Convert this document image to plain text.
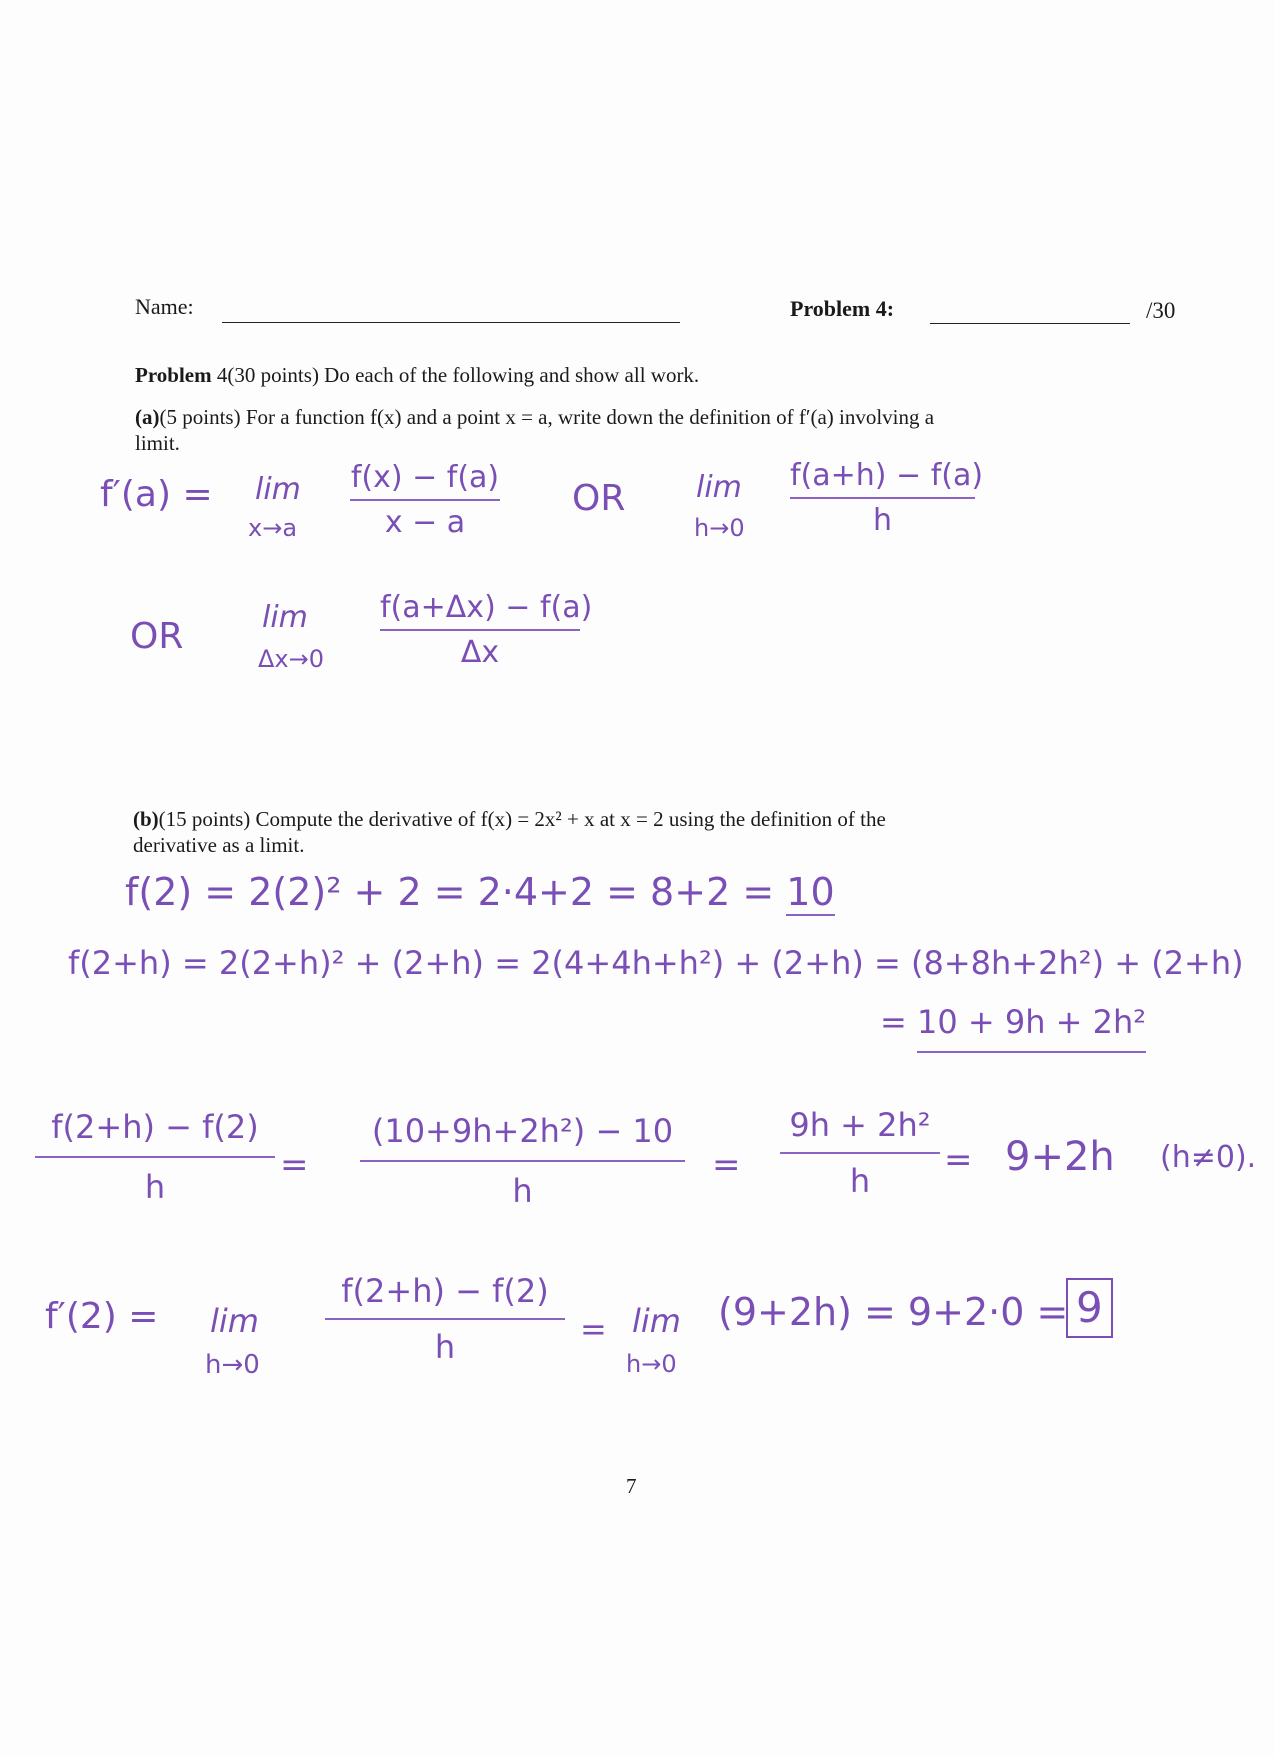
Name:	Problem 4:	/30
Problem 4(30 points) Do each of the following and show all work.
(a)(5 points) For a function f(x) and a point x = a, write down the definition of f′(a) involving a
limit.
f′(a) = lim
x→a
f(x) − f(a)
x − a
OR lim
h→0
f(a+h) − f(a)
h
OR	lim
Δx→0
f(a+Δx) − f(a)
Δx
(b)(15 points) Compute the derivative of f(x) = 2x² + x at x = 2 using the definition of the
derivative as a limit.
f(2) = 2(2)² + 2 = 2·4+2 = 8+2 = 10
f(2+h) = 2(2+h)² + (2+h) = 2(4+4h+h²) + (2+h) = (8+8h+2h²) + (2+h)
= 10 + 9h + 2h²
f(2+h) − f(2)
h
=
(10+9h+2h²) − 10
h
=
9h + 2h²
h
= 9+2h (h≠0).
f′(2) = lim
h→0
f(2+h) − f(2)
h	= lim
h→0
(9+2h) = 9+2·0 = 9
7
